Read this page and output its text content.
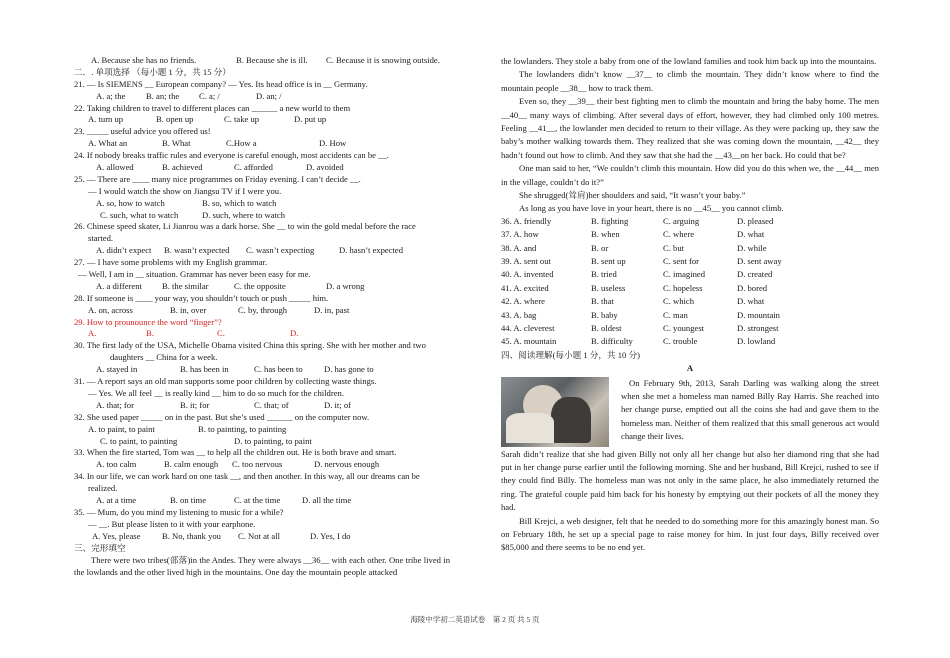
A. Because she has no friends.	B. Because she is ill. C. Because it is snowing outside.
二．. 单项选择 （每小题 1 分，共 15 分）
21. — Is SIEMENS __ European company? — Yes. Its head office is in __ Germany.
A. a; the B. an; the C. a; /	D. an; /
22. Taking children to travel to different places can ______ a new world to them
A. turn up	B. open up	C. take up	D. put up
23. _____ useful advice you offered us!
A. What an	B. What	C.How a	D. How
24. If nobody breaks traffic rules and everyone is careful enough, most accidents can be __.
A. allowed	B. achieved	C. afforded	D. avoided
25. — There are ____ many nice programmes on Friday evening. I can’t decide __.
— I would watch the show on Jiangsu TV if I were you.
A. so, how to watch	B. so, which to watch
C. such, what to watch	D. such, where to watch
26. Chinese speed skater, Li Jianrou was a dark horse. She __ to win the gold medal before the race
started.
A. didn’t expect B. wasn’t expected C. wasn’t expecting	D. hasn’t expected
27. — I have some problems with my English grammar.
— Well, I am in __ situation. Grammar has never been easy for me.
A. a different B. the similar	C. the opposite	D. a wrong
28. If someone is ____ your way, you shouldn’t touch or push _____ him.
A. on, across	B. in, over	C. by, through	D. in, past
29. How to prounounce the word “finger”?
A.	B.	C.	D.
30. The first lady of the USA, Michelle Obama visited China this spring. She with her mother and two
daughters __ China for a week.
A. stayed in	B. has been in	C. has been to D. has gone to
31. — A report says an old man supports some poor children by collecting waste things.
— Yes. We all feel __ is really kind __ him to do so much for the children.
A. that; for	B. it; for	C. that; of	D. it; of
32. She used paper _____ on in the past. But she’s used ______ on the computer now.
A. to paint, to paint	B. to painting, to painting
C. to paint, to painting	D. to painting, to paint
33. When the fire started, Tom was __ to help all the children out. He is both brave and smart.
A. too calm	B. calm enough C. too nervous	D. nervous enough
34. In our life, we can work hard on one task __, and then another. In this way, all our dreams can be
realized.
A. at a time	B. on time	C. at the time	D. all the time
35. — Mum, do you mind my listening to music for a while?
— __. But please listen to it with your earphone.
A. Yes, please	B. No, thank you C. Not at all	D. Yes, I do
三、完形填空
There were two tribes(部落)in the Andes. They were always __36__ with each other. One tribe lived in the lowlands and the other lived high in the mountains. One day the mountain people attacked
the lowlanders. They stole a baby from one of the lowland families and took him back up into the mountains.
The lowlanders didn’t know __37__ to climb the mountain. They didn’t know where to find the mountain people __38__ how to track them.
Even so, they __39__ their best fighting men to climb the mountain and bring the baby home. The men __40__ many ways of climbing. After several days of effort, however, they had climbed only 100 metres. Feeling __41__, the lowlander men decided to return to their village. As they were packing up, they saw the baby’s mother walking towards them. They realized that she was coming down the mountain, __42__ they hadn’t found out how to climb. And they saw that she had the __43__on her back. Ho could that be?
One man said to her, “We couldn’t climb this mountain. How did you do this when we, the __44__ men in the village, couldn’t do it?”
She shrugged(耸肩)her shoulders and said, “It wasn’t your baby.”
As long as you have love in your heart, there is no __45__ you cannot climb.
36. A. friendly	B. fighting	C. arguing	D. pleased
37. A. how	B. when	C. where	D. what
38. A. and	B. or	C. but	D. while
39. A. sent out	B. sent up	C. sent for	D. sent away
40. A. invented	B. tried	C. imagined	D. created
41. A. excited	B. useless	C. hopeless	D. bored
42. A. where	B. that	C. which	D. what
43. A. bag	B. baby	C. man	D. mountain
44. A. cleverest	B. oldest	C. youngest	D. strongest
45. A. mountain	B. difficulty	C. trouble	D. lowland
四、阅读理解(每小题 1 分，共 10 分)
A
On February 9th, 2013, Sarah Darling was walking along the street when she met a homeless man named Billy Ray Harris. She reached into her change purse, emptied out all the coins she had and gave them to the homeless man. Neither of them realized that this small generous act would change their lives.
Sarah didn’t realize that she had given Billy not only all her change but also her diamond ring that she had put in her change purse earlier until the following morning. She and her husband, Bill Krejci, rushed to see if they could find Billy. The homeless man was not only in the same place, he also immediately returned the ring. The grateful couple paid him back for his honesty by emptying out their pockets of all the money they had.
Bill Krejci, a web designer, felt that he needed to do something more for this amazingly honest man. So on February 18th, he set up a special page to raise money for him. In just four days, Billy received over $85,000 and there seems to be no end yet.
海陵中学初二英语试卷　第 2 页 共 5 页
